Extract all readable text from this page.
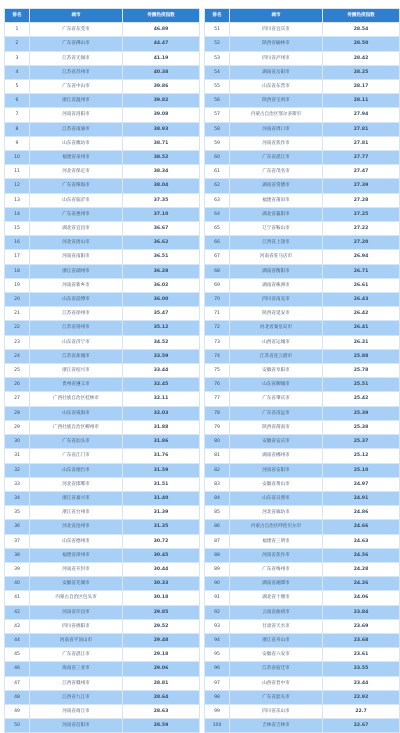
排名	城市	传播热度指数
1	广东省东莞市	46.89
2	广东省佛山市	44.47
3	江苏省无锡市	41.19
4	江苏省苏州市	40.38
5	广东省中山市	39.86
6	浙江省温州市	39.82
7	河南省洛阳市	39.08
8	江苏省南通市	38.93
9	山东省潍坊市	38.71
10	福建省泉州市	38.52
11	河北省保定市	38.34
12	广东省珠海市	38.04
13	山东省临沂市	37.35
14	广东省惠州市	37.10
15	湖北省宜昌市	36.67
16	河北省唐山市	36.62
17	河南省南阳市	36.51
18	浙江省湖州市	36.28
19	河南省新乡市	36.02
20	山东省淄博市	36.00
21	江苏省徐州市	35.47
22	江苏省扬州市	35.12
23	山东省济宁市	34.52
24	江苏省盐城市	33.59
25	浙江省绍兴市	33.44
26	贵州省遵义市	32.45
27	广西壮族自治区桂林市	32.11
28	山东省威海市	32.03
29	广西壮族自治区柳州市	31.88
30	广东省汕头市	31.86
31	广东省江门市	31.76
32	山东省烟台市	31.59
33	河北省邯郸市	31.51
34	浙江省嘉兴市	31.40
35	浙江省台州市	31.39
36	河北省沧州市	31.35
37	山东省德州市	30.72
38	福建省漳州市	30.45
39	河南省开封市	30.44
40	安徽省芜湖市	30.33
41	内蒙古自治区包头市	30.18
42	河南省许昌市	29.85
43	四川省绵阳市	29.52
44	河南省平顶山市	29.48
45	广东省湛江市	29.18
46	海南省三亚市	29.06
47	江西省赣州市	28.81
48	江西省九江市	28.64
49	河南省商丘市	28.63
50	河南省信阳市	28.59
排名	城市	传播热度指数
51	四川省宜宾市	28.54
52	陕西省榆林市	28.50
53	四川省泸州市	28.42
54	湖南省岳阳市	28.25
55	山东省东营市	28.17
56	陕西省宝鸡市	28.11
57	内蒙古自治区鄂尔多斯市	27.94
58	河南省周口市	27.81
59	河南省焦作市	27.81
60	广东省湛江市	27.77
61	广东省茂名市	27.47
62	湖南省常德市	27.39
63	福建省莆田市	27.28
64	湖北省襄阳市	27.25
65	辽宁省鞍山市	27.22
66	江西省上饶市	27.20
67	河南省驻马店市	26.94
68	湖南省衡阳市	26.71
69	湖南省株洲市	26.61
70	四川省南充市	26.43
71	陕西省延安市	26.42
72	河北省秦皇岛市	26.41
73	山西省运城市	26.31
74	江苏省连云港市	25.88
75	安徽省阜阳市	25.78
76	山东省聊城市	25.51
77	广东省肇庆市	25.42
78	广东省清远市	25.39
79	陕西省渭南市	25.38
80	安徽省安庆市	25.37
81	湖南省郴州市	25.12
82	河南省安阳市	25.10
83	安徽省黄山市	24.97
84	山东省日照市	24.91
85	河北省廊坊市	24.86
86	内蒙古自治区呼伦贝尔市	24.66
87	福建省三明市	24.63
88	河南省焦作市	24.56
89	广东省梅州市	24.28
90	湖南省湘潭市	24.26
91	湖北省十堰市	24.06
92	云南省曲靖市	23.84
93	甘肃省天水市	23.69
94	浙江省舟山市	23.68
95	安徽省六安市	23.61
96	江苏省宿迁市	23.55
97	山西省晋中市	23.44
98	广东省韶关市	22.92
99	四川省乐山市	22.7
100	吉林省吉林市	22.67
